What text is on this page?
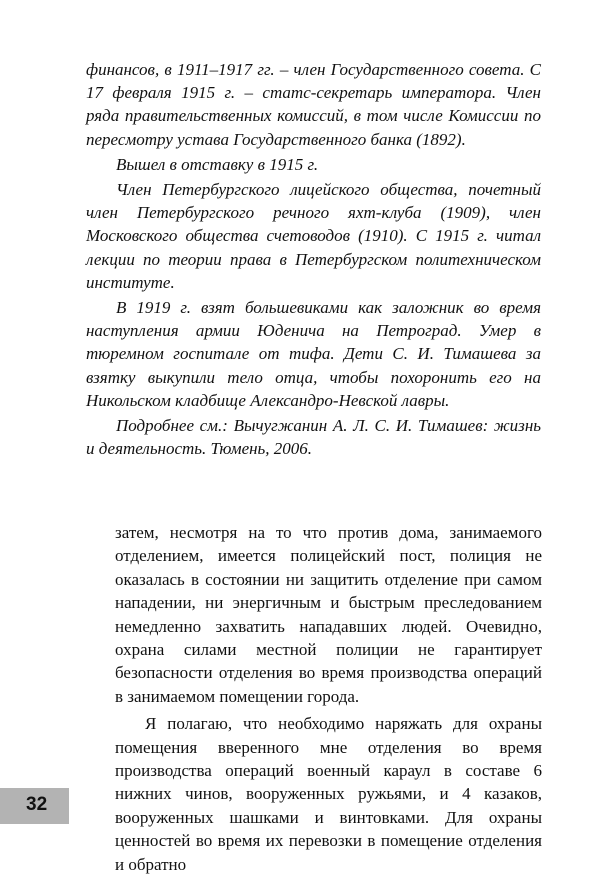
финансов, в 1911–1917 гг. – член Государственного совета. С 17 февраля 1915 г. – статс-секретарь императора. Член ряда правительственных комиссий, в том числе Комиссии по пересмотру устава Государственного банка (1892).

Вышел в отставку в 1915 г.

Член Петербургского лицейского общества, почетный член Петербургского речного яхт-клуба (1909), член Московского общества счетоводов (1910). С 1915 г. читал лекции по теории права в Петербургском политехническом институте.

В 1919 г. взят большевиками как заложник во время наступления армии Юденича на Петроград. Умер в тюремном госпитале от тифа. Дети С. И. Тимашева за взятку выкупили тело отца, чтобы похоронить его на Никольском кладбище Александро-Невской лавры.

Подробнее см.: Вычугжанин А. Л. С. И. Тимашев: жизнь и деятельность. Тюмень, 2006.

затем, несмотря на то что против дома, занимаемого отделением, имеется полицейский пост, полиция не оказалась в состоянии ни защитить отделение при самом нападении, ни энергичным и быстрым преследованием немедленно захватить нападавших людей. Очевидно, охрана силами местной полиции не гарантирует безопасности отделения во время производства операций в занимаемом помещении города.

Я полагаю, что необходимо наряжать для охраны помещения вверенного мне отделения во время производства операций военный караул в составе 6 нижних чинов, вооруженных ружьями, и 4 казаков, вооруженных шашками и винтовками. Для охраны ценностей во время их перевозки в помещение отделения и обратно

32
